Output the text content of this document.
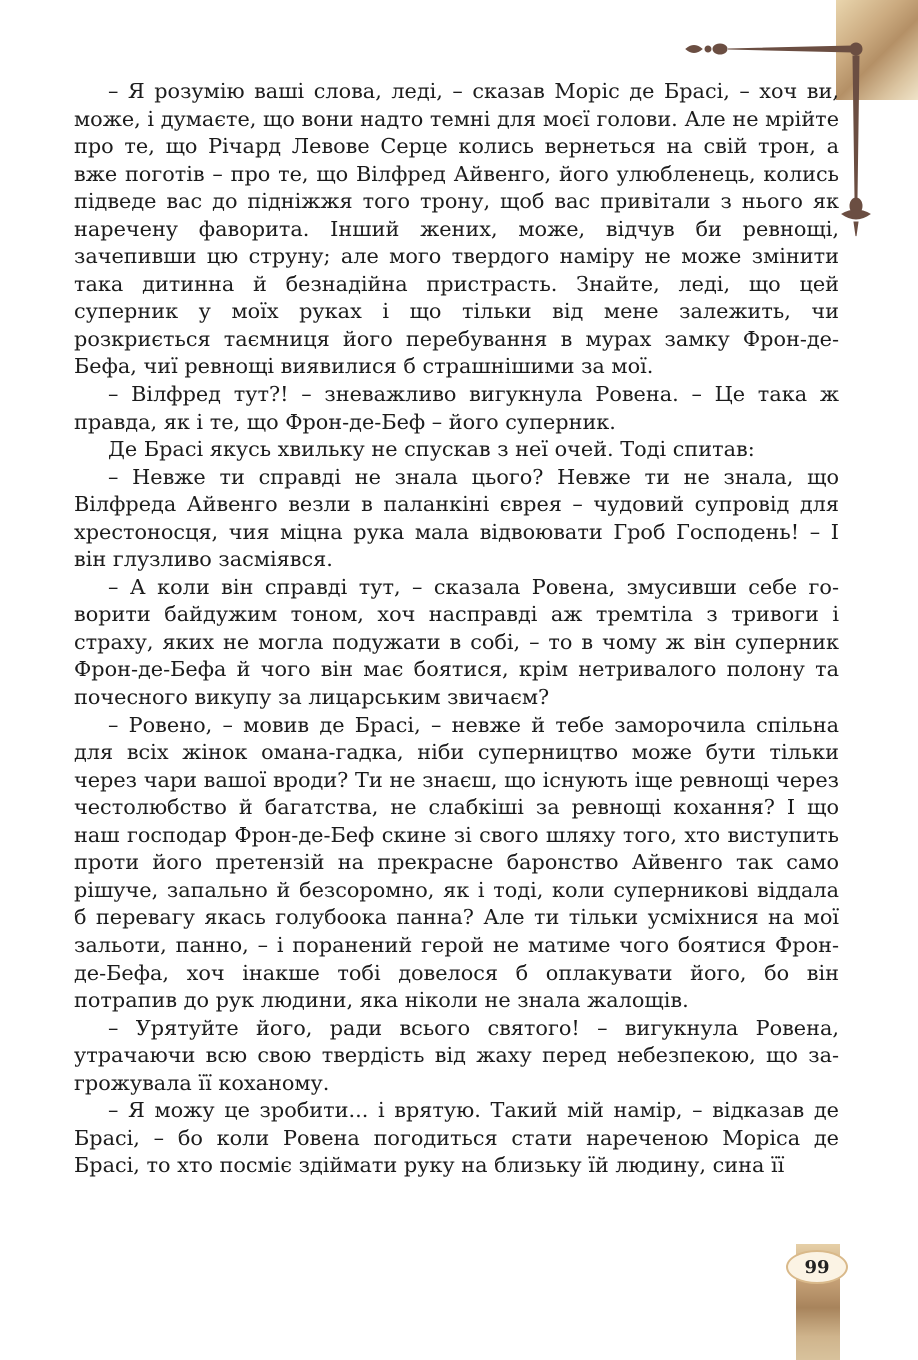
– Я розумію ваші слова, леді, – сказав Моріс де Брасі, – хоч ви, може, і думаєте, що вони надто темні для моєї голови. Але не мрійте про те, що Річард Левове Серце колись вернеться на свій трон, а вже поготів – про те, що Вілфред Айвенго, його улюбленець, колись підведе вас до підніжжя того трону, щоб вас привітали з нього як наречену фаворита. Інший жених, може, відчув би ревнощі, зачепивши цю струну; але мого твердого наміру не може змінити така дитинна й безнадійна пристрасть. Знайте, леді, що цей суперник у моїх руках і що тільки від мене залежить, чи розкриється таємниця його перебування в мурах замку Фрон-де-Бефа, чиї ревнощі виявилися б страшнішими за мої.

– Вілфред тут?! – зневажливо вигукнула Ровена. – Це така ж правда, як і те, що Фрон-де-Беф – його суперник.

Де Брасі якусь хвильку не спускав з неї очей. Тоді спитав:

– Невже ти справді не знала цього? Невже ти не знала, що Вілфреда Айвенго везли в паланкіні єврея – чудовий супровід для хрестоносця, чия міцна рука мала відвоювати Гроб Господень! – І він глузливо засміявся.

– А коли він справді тут, – сказала Ровена, змусивши себе говорити байдужим тоном, хоч насправді аж тремтіла з тривоги і страху, яких не могла подужати в собі, – то в чому ж він суперник Фрон-де-Бефа й чого він має боятися, крім нетривалого полону та почесного викупу за лицарським звичаєм?

– Ровено, – мовив де Брасі, – невже й тебе заморочила спільна для всіх жінок омана-гадка, ніби суперництво може бути тільки через чари вашої вроди? Ти не знаєш, що існують іще ревнощі через честолюбство й багатства, не слабкіші за ревнощі кохання? І що наш господар Фрон-де-Беф скине зі свого шляху того, хто виступить проти його претензій на прекрасне баронство Айвенго так само рішуче, запально й безсоромно, як і тоді, коли суперникові віддала б перевагу якась голубоока панна? Але ти тільки усміхнися на мої зальоти, панно, – і поранений герой не матиме чого боятися Фрон-де-Бефа, хоч інакше тобі довелося б оплакувати його, бо він потрапив до рук людини, яка ніколи не знала жалощів.

– Урятуйте його, ради всього святого! – вигукнула Ровена, утрачаючи всю свою твердість від жаху перед небезпекою, що загрожувала її коханому.

– Я можу це зробити... і врятую. Такий мій намір, – відказав де Брасі, – бо коли Ровена погодиться стати нареченою Моріса де Брасі, то хто посміє здіймати руку на близьку їй людину, сина її

99
